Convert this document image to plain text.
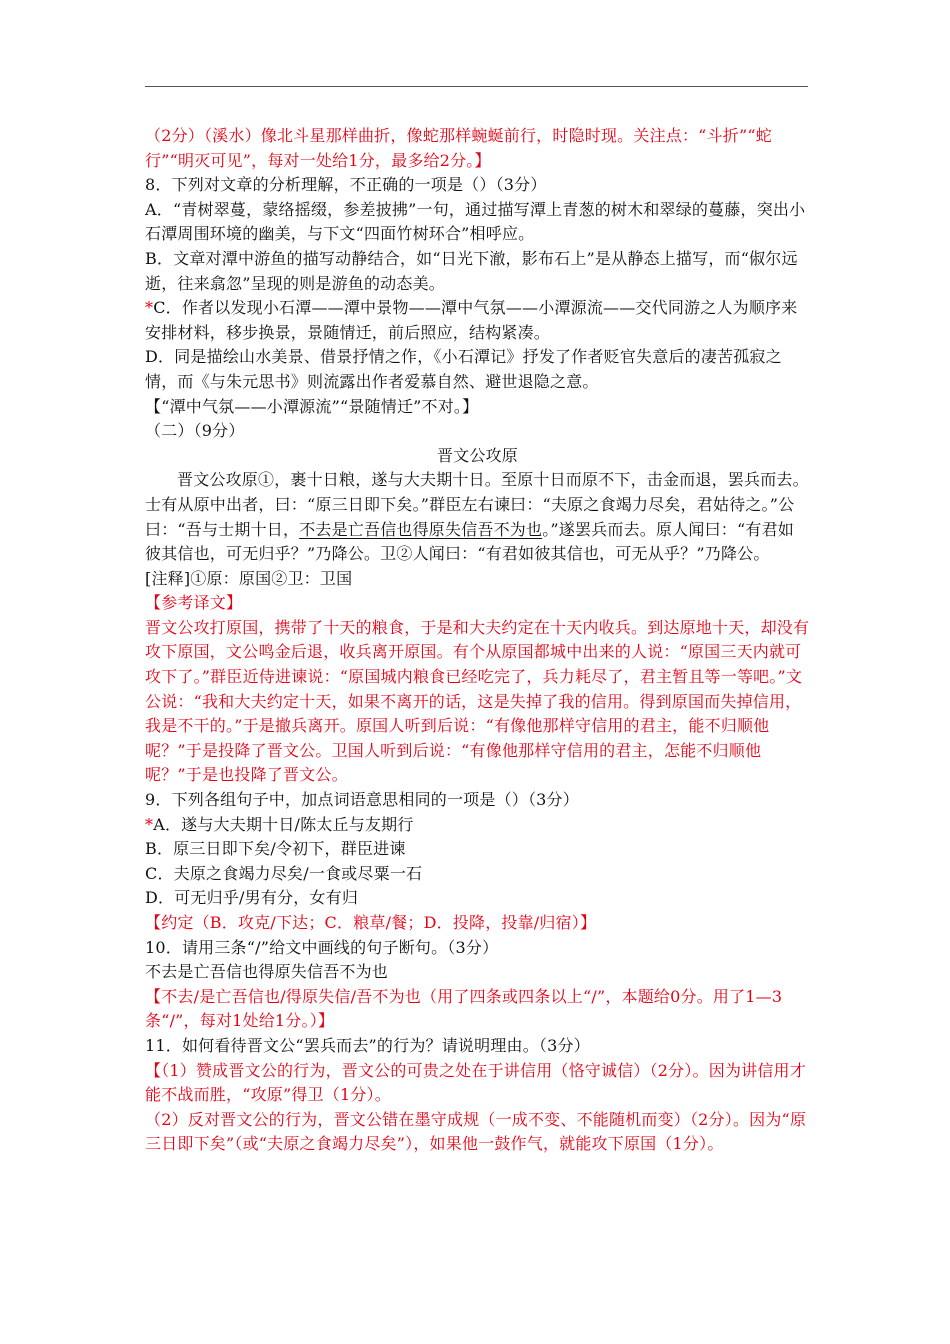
（2分）（溪水）像北斗星那样曲折，像蛇那样蜿蜒前行，时隐时现。关注点：“斗折”“蛇行”“明灭可见”，每对一处给1分，最多给2分。】

8．下列对文章的分析理解，不正确的一项是（）（3分）

A．“青树翠蔓，蒙络摇缀，参差披拂”一句，通过描写潭上青葱的树木和翠绿的蔓藤，突出小石潭周围环境的幽美，与下文“四面竹树环合”相呼应。

B．文章对潭中游鱼的描写动静结合，如“日光下澈，影布石上”是从静态上描写，而“俶尔远逝，往来翕忽”呈现的则是游鱼的动态美。

*C．作者以发现小石潭——潭中景物——潭中气氛——小潭源流——交代同游之人为顺序来安排材料，移步换景，景随情迁，前后照应，结构紧凑。

D．同是描绘山水美景、借景抒情之作，《小石潭记》抒发了作者贬官失意后的凄苦孤寂之情，而《与朱元思书》则流露出作者爱慕自然、避世退隐之意。

【“潭中气氛——小潭源流”“景随情迁”不对。】

（二）（9分）

晋文公攻原

晋文公攻原①，裹十日粮，遂与大夫期十日。至原十日而原不下，击金而退，罢兵而去。士有从原中出者，曰：“原三日即下矣。”群臣左右谏曰：“夫原之食竭力尽矣，君姑待之。”公曰：“吾与士期十日，不去是亡吾信也得原失信吾不为也。”遂罢兵而去。原人闻曰：“有君如彼其信也，可无归乎？”乃降公。卫②人闻曰：“有君如彼其信也，可无从乎？”乃降公。

[注释]①原：原国②卫：卫国

【参考译文】

晋文公攻打原国，携带了十天的粮食，于是和大夫约定在十天内收兵。到达原地十天，却没有攻下原国，文公鸣金后退，收兵离开原国。有个从原国都城中出来的人说：“原国三天内就可攻下了。”群臣近侍进谏说：“原国城内粮食已经吃完了，兵力耗尽了，君主暂且等一等吧。”文公说：“我和大夫约定十天，如果不离开的话，这是失掉了我的信用。得到原国而失掉信用，我是不干的。”于是撤兵离开。原国人听到后说：“有像他那样守信用的君主，能不归顺他呢？”于是投降了晋文公。卫国人听到后说：“有像他那样守信用的君主，怎能不归顺他呢？”于是也投降了晋文公。

9．下列各组句子中，加点词语意思相同的一项是（）（3分）

*A．遂与大夫期十日/陈太丘与友期行

B．原三日即下矣/令初下，群臣进谏

C．夫原之食竭力尽矣/一食或尽粟一石

D．可无归乎/男有分，女有归

【约定（B．攻克/下达；C．粮草/餐；D．投降，投靠/归宿）】

10．请用三条“/”给文中画线的句子断句。（3分）

不去是亡吾信也得原失信吾不为也

【不去/是亡吾信也/得原失信/吾不为也（用了四条或四条以上“/”，本题给0分。用了1—3条“/”，每对1处给1分。）】

11．如何看待晋文公“罢兵而去”的行为？请说明理由。（3分）

【（1）赞成晋文公的行为，晋文公的可贵之处在于讲信用（恪守诚信）（2分）。因为讲信用才能不战而胜，“攻原”得卫（1分）。

（2）反对晋文公的行为，晋文公错在墨守成规（一成不变、不能随机而变）（2分）。因为“原三日即下矣”（或“夫原之食竭力尽矣”），如果他一鼓作气，就能攻下原国（1分）。
